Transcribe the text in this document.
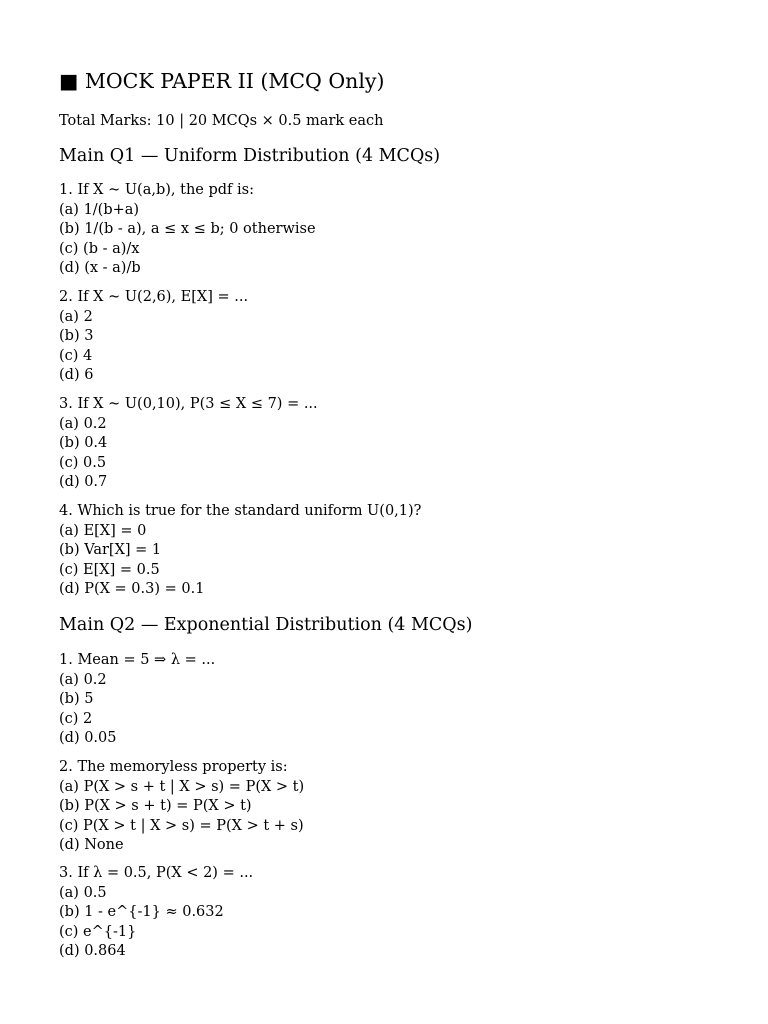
■ MOCK PAPER II (MCQ Only)
Total Marks: 10 | 20 MCQs × 0.5 mark each
Main Q1 — Uniform Distribution (4 MCQs)
1. If X ~ U(a,b), the pdf is:
(a) 1/(b+a)
(b) 1/(b - a), a ≤ x ≤ b; 0 otherwise
(c) (b - a)/x
(d) (x - a)/b
2. If X ~ U(2,6), E[X] = ...
(a) 2
(b) 3
(c) 4
(d) 6
3. If X ~ U(0,10), P(3 ≤ X ≤ 7) = ...
(a) 0.2
(b) 0.4
(c) 0.5
(d) 0.7
4. Which is true for the standard uniform U(0,1)?
(a) E[X] = 0
(b) Var[X] = 1
(c) E[X] = 0.5
(d) P(X = 0.3) = 0.1
Main Q2 — Exponential Distribution (4 MCQs)
1. Mean = 5 ⇒ λ = ...
(a) 0.2
(b) 5
(c) 2
(d) 0.05
2. The memoryless property is:
(a) P(X > s + t | X > s) = P(X > t)
(b) P(X > s + t) = P(X > t)
(c) P(X > t | X > s) = P(X > t + s)
(d) None
3. If λ = 0.5, P(X < 2) = ...
(a) 0.5
(b) 1 - e^{-1} ≈ 0.632
(c) e^{-1}
(d) 0.864
